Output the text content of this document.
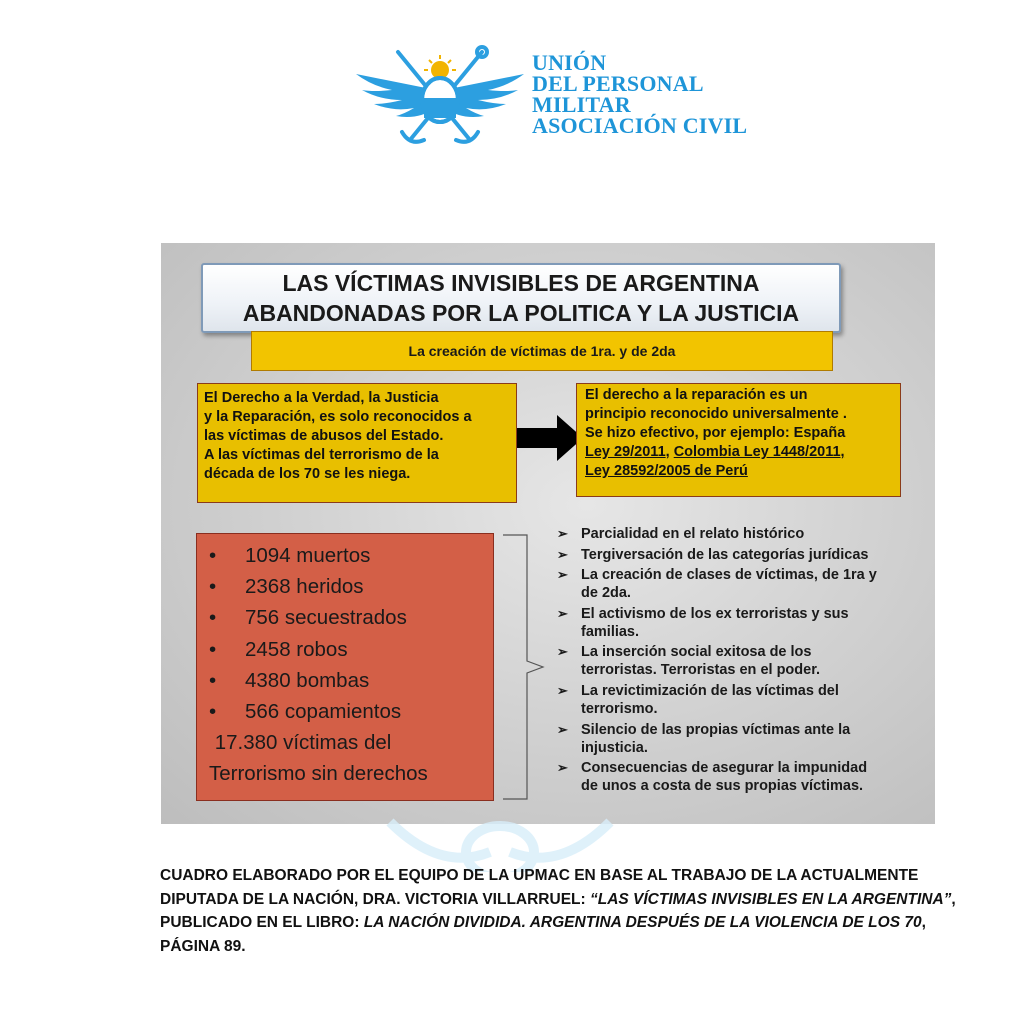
UNIÓN
DEL PERSONAL
MILITAR
ASOCIACIÓN CIVIL
LAS VÍCTIMAS INVISIBLES DE ARGENTINA
ABANDONADAS POR LA POLITICA Y LA JUSTICIA
La creación de víctimas de 1ra. y de 2da
El Derecho a la Verdad, la Justicia
y la Reparación, es solo reconocidos a
las víctimas de abusos del Estado.
A las víctimas del terrorismo de la
década de los 70 se les niega.
El derecho a la reparación es un
principio reconocido universalmente .
Se hizo efectivo, por ejemplo: España
Ley 29/2011, Colombia Ley 1448/2011,
Ley 28592/2005 de Perú
•	1094 muertos
•	2368 heridos
•	756 secuestrados
•	2458 robos
•	4380 bombas
•	566 copamientos
17.380 víctimas del
Terrorismo sin derechos
➢ Parcialidad en el relato histórico
➢ Tergiversación de las categorías jurídicas
➢ La creación de clases de víctimas, de 1ra y
de 2da.
➢ El activismo de los ex terroristas y sus
familias.
➢ La inserción social exitosa de los
terroristas. Terroristas en el poder.
➢ La revictimización de las víctimas del
terrorismo.
➢ Silencio de las propias víctimas ante la
injusticia.
➢ Consecuencias de asegurar la impunidad
de unos a costa de sus propias víctimas.
CUADRO ELABORADO POR EL EQUIPO DE LA UPMAC EN BASE AL TRABAJO DE LA ACTUALMENTE DIPUTADA DE LA NACIÓN, DRA. VICTORIA VILLARRUEL: “LAS VÍCTIMAS INVISIBLES EN LA ARGENTINA”, PUBLICADO EN EL LIBRO: LA NACIÓN DIVIDIDA. ARGENTINA DESPUÉS DE LA VIOLENCIA DE LOS 70, PÁGINA 89.
